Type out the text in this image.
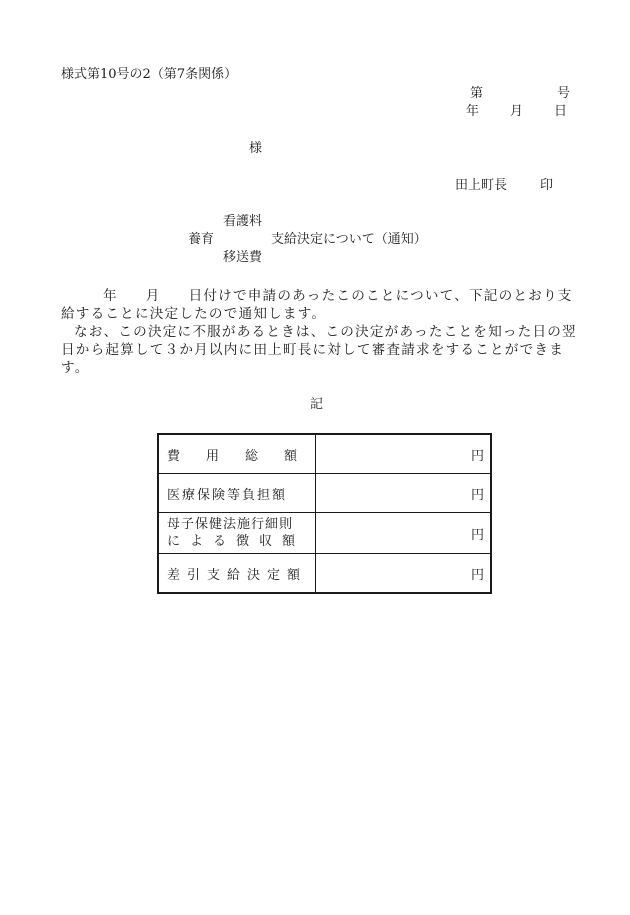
様式第10号の2（第7条関係）
第	号
年 月 日
様
田上町長	印
看護料
養育	支給決定について（通知）
移送費

年 月 日付けで申請のあったこのことについて、下記のとおり支給することに決定したので通知します。

なお、この決定に不服があるときは、この決定があったことを知った日の翌日から起算して３か月以内に田上町長に対して審査請求をすることができます。

記
費 用 総 額	円
医療保険等負担額	円

母子保健法施行細則
による徴収額	円
差引支給決定額	円
